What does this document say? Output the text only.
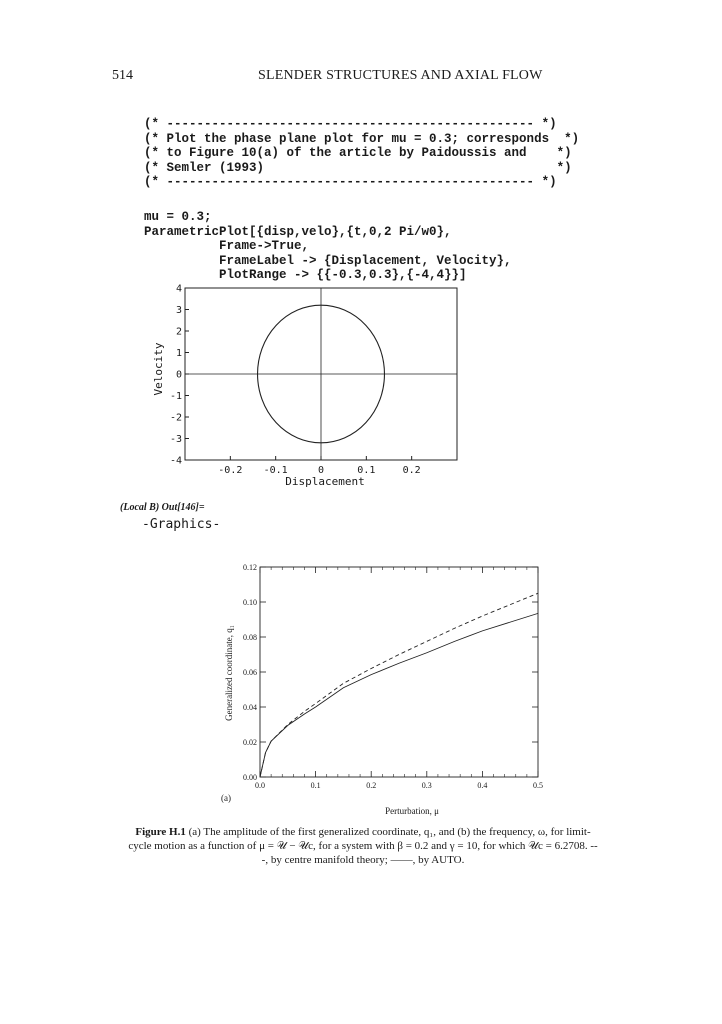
514	SLENDER STRUCTURES AND AXIAL FLOW
(* ------------------------------------------------- *)
(* Plot the phase plane plot for mu = 0.3; corresponds  *)
(* to Figure 10(a) of the article by Paidoussis and    *)
(* Semler (1993)                                       *)
(* ------------------------------------------------- *)
mu = 0.3;
ParametricPlot[{disp,velo},{t,0,2 Pi/w0},
Frame->True,
FrameLabel -> {Displacement, Velocity},
PlotRange -> {{-0.3,0.3},{-4,4}}]
-0.2 -0.1	0	0.1	0.2
4
3
2
1
0
-1
-2
-3
-4
Displacement
Velocity
(Local B) Out[146]=
-Graphics-
0.0	0.1	0.2	0.3	0.4	0.5
0.12
0.10
0.08
0.06
0.04
0.02
0.00
Perturbation, μ
Generalized coordinate, q₁
(a)
Figure H.1 (a) The amplitude of the first generalized coordinate, q₁, and (b) the frequency, ω, for limit-cycle motion as a function of μ = 𝒰 − 𝒰c, for a system with β = 0.2 and γ = 10, for which 𝒰c = 6.2708. ---, by centre manifold theory; ——, by AUTO.
